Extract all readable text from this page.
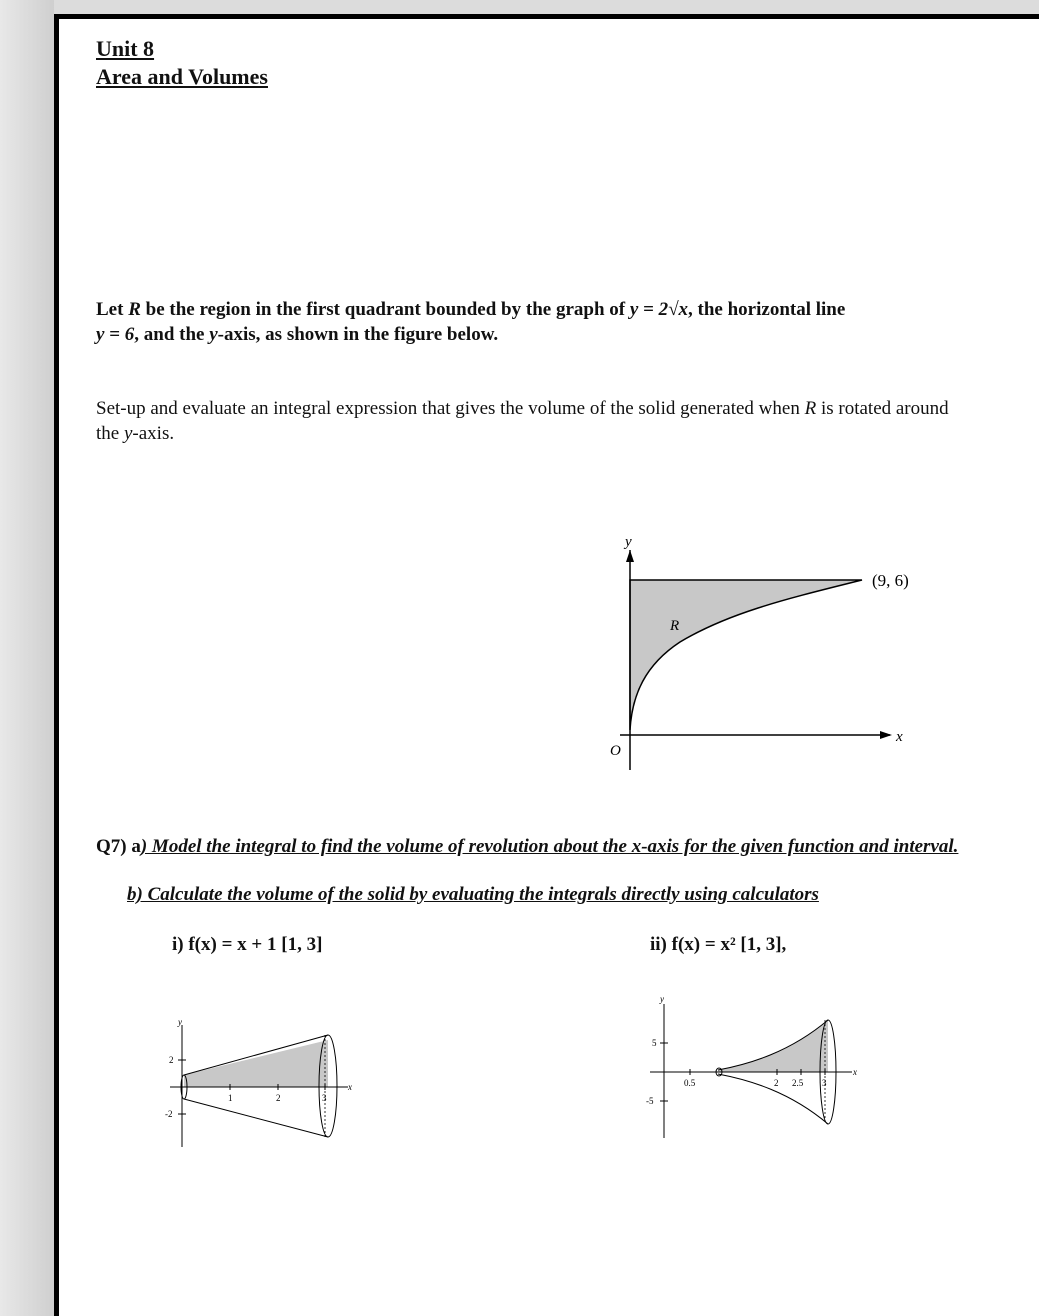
Unit 8
Area and Volumes
Let R be the region in the first quadrant bounded by the graph of y = 2√x, the horizontal line
y = 6, and the y-axis, as shown in the figure below.
Set-up and evaluate an integral expression that gives the volume of the solid generated when R is rotated around the y-axis.
y
x
O
(9, 6)
R
Q7) a) Model the integral to find the volume of revolution about the x-axis for the given function and interval.
b) Calculate the volume of the solid by evaluating the integrals directly using calculators
i) f(x) = x + 1 [1, 3]	ii) f(x) = x² [1, 3],
y
x
2
-2
1	2	3
y
x
5
-5
0.5	2 2.5 3
